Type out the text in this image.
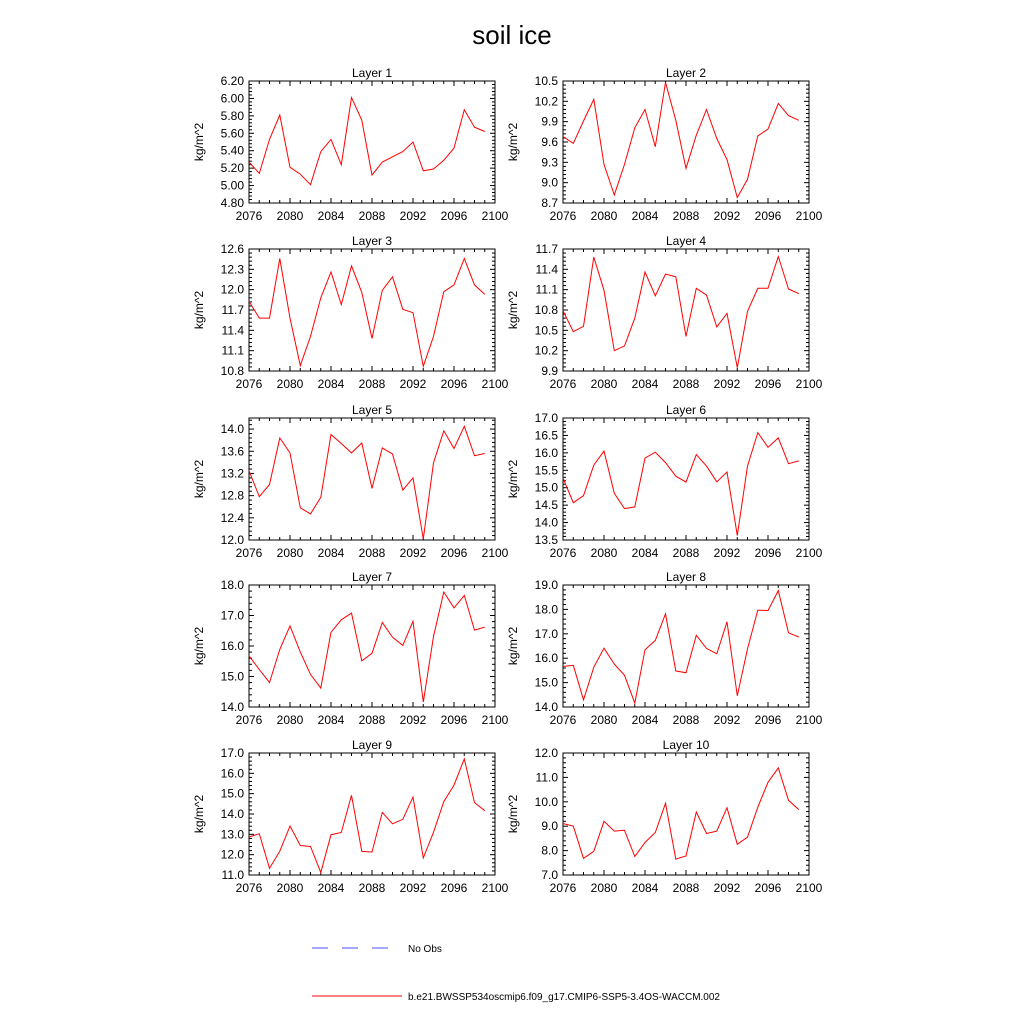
soil ice
Layer 1
kg/m^2
2076 2080 2084 2088 2092 2096 2100
4.80
5.00
5.20
5.40
5.60
5.80
6.00
6.20
Layer 2
kg/m^2
2076 2080 2084 2088 2092 2096 2100
8.7
9.0
9.3
9.6
9.9
10.2
10.5
Layer 3
kg/m^2
2076 2080 2084 2088 2092 2096 2100
10.8
11.1
11.4
11.7
12.0
12.3
12.6
Layer 4
kg/m^2
2076 2080 2084 2088 2092 2096 2100
9.9
10.2
10.5
10.8
11.1
11.4
11.7
Layer 5
kg/m^2
2076 2080 2084 2088 2092 2096 2100
12.0
12.4
12.8
13.2
13.6
14.0
Layer 6
kg/m^2
2076 2080 2084 2088 2092 2096 2100
13.5
14.0
14.5
15.0
15.5
16.0
16.5
17.0
Layer 7
kg/m^2
2076 2080 2084 2088 2092 2096 2100
14.0
15.0
16.0
17.0
18.0
Layer 8
kg/m^2
2076 2080 2084 2088 2092 2096 2100
14.0
15.0
16.0
17.0
18.0
19.0
Layer 9
kg/m^2
2076 2080 2084 2088 2092 2096 2100
11.0
12.0
13.0
14.0
15.0
16.0
17.0
Layer 10
kg/m^2
2076 2080 2084 2088 2092 2096 2100
7.0
8.0
9.0
10.0
11.0
12.0
No Obs
b.e21.BWSSP534oscmip6.f09_g17.CMIP6-SSP5-3.4OS-WACCM.002
